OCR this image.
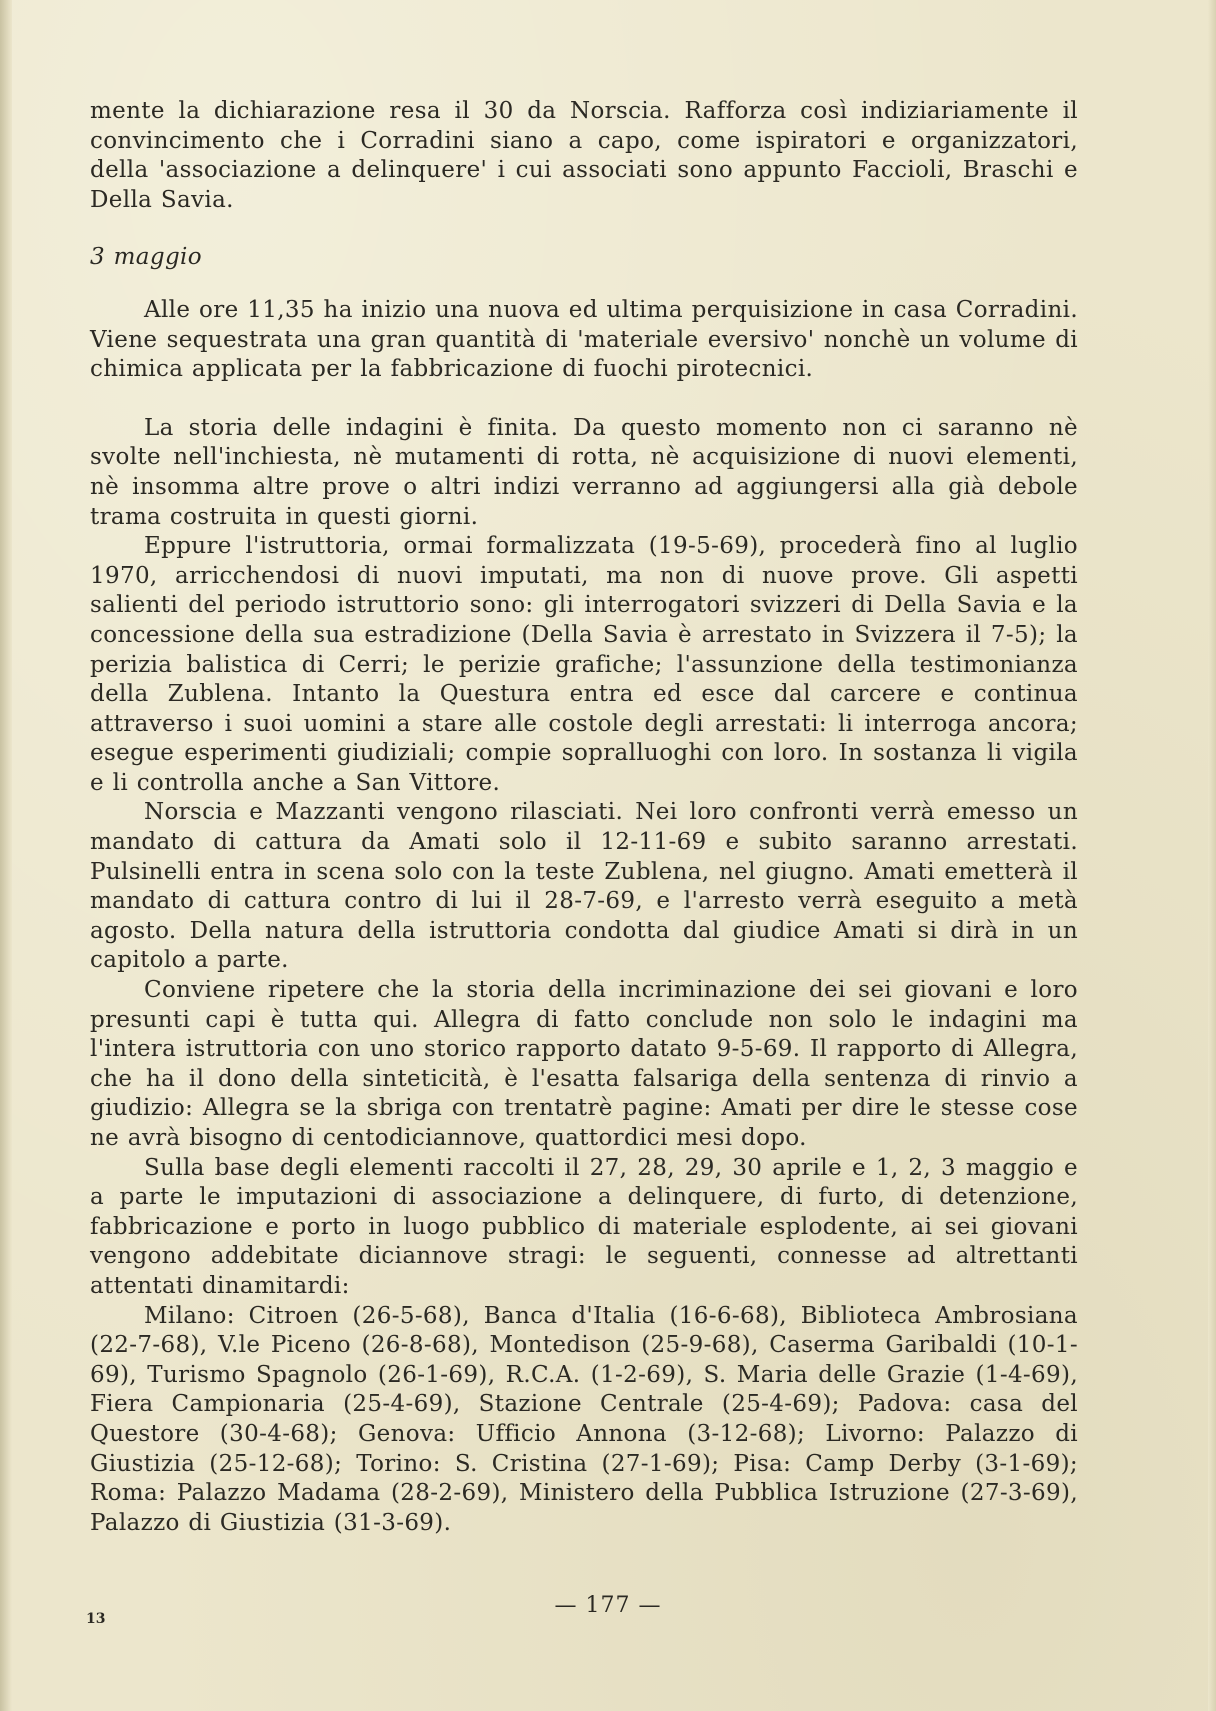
mente la dichiarazione resa il 30 da Norscia. Rafforza così indiziariamente il convincimento che i Corradini siano a capo, come ispiratori e organizzatori, della 'associazione a delinquere' i cui associati sono appunto Faccioli, Braschi e Della Savia.

3 maggio

Alle ore 11,35 ha inizio una nuova ed ultima perquisizione in casa Corradini. Viene sequestrata una gran quantità di 'materiale eversivo' nonchè un volume di chimica applicata per la fabbricazione di fuochi pirotecnici.

La storia delle indagini è finita. Da questo momento non ci saranno nè svolte nell'inchiesta, nè mutamenti di rotta, nè acquisizione di nuovi elementi, nè insomma altre prove o altri indizi verranno ad aggiungersi alla già debole trama costruita in questi giorni.

Eppure l'istruttoria, ormai formalizzata (19-5-69), procederà fino al luglio 1970, arricchendosi di nuovi imputati, ma non di nuove prove. Gli aspetti salienti del periodo istruttorio sono: gli interrogatori svizzeri di Della Savia e la concessione della sua estradizione (Della Savia è arrestato in Svizzera il 7-5); la perizia balistica di Cerri; le perizie grafiche; l'assunzione della testimonianza della Zublena. Intanto la Questura entra ed esce dal carcere e continua attraverso i suoi uomini a stare alle costole degli arrestati: li interroga ancora; esegue esperimenti giudiziali; compie sopralluoghi con loro. In sostanza li vigila e li controlla anche a San Vittore.

Norscia e Mazzanti vengono rilasciati. Nei loro confronti verrà emesso un mandato di cattura da Amati solo il 12-11-69 e subito saranno arrestati. Pulsinelli entra in scena solo con la teste Zublena, nel giugno. Amati emetterà il mandato di cattura contro di lui il 28-7-69, e l'arresto verrà eseguito a metà agosto. Della natura della istruttoria condotta dal giudice Amati si dirà in un capitolo a parte.

Conviene ripetere che la storia della incriminazione dei sei giovani e loro presunti capi è tutta qui. Allegra di fatto conclude non solo le indagini ma l'intera istruttoria con uno storico rapporto datato 9-5-69. Il rapporto di Allegra, che ha il dono della sinteticità, è l'esatta falsariga della sentenza di rinvio a giudizio: Allegra se la sbriga con trentatrè pagine: Amati per dire le stesse cose ne avrà bisogno di centodiciannove, quattordici mesi dopo.

Sulla base degli elementi raccolti il 27, 28, 29, 30 aprile e 1, 2, 3 maggio e a parte le imputazioni di associazione a delinquere, di furto, di detenzione, fabbricazione e porto in luogo pubblico di materiale esplodente, ai sei giovani vengono addebitate diciannove stragi: le seguenti, connesse ad altrettanti attentati dinamitardi:

Milano: Citroen (26-5-68), Banca d'Italia (16-6-68), Biblioteca Ambrosiana (22-7-68), V.le Piceno (26-8-68), Montedison (25-9-68), Caserma Garibaldi (10-1-69), Turismo Spagnolo (26-1-69), R.C.A. (1-2-69), S. Maria delle Grazie (1-4-69), Fiera Campionaria (25-4-69), Stazione Centrale (25-4-69); Padova: casa del Questore (30-4-68); Genova: Ufficio Annona (3-12-68); Livorno: Palazzo di Giustizia (25-12-68); Torino: S. Cristina (27-1-69); Pisa: Camp Derby (3-1-69); Roma: Palazzo Madama (28-2-69), Ministero della Pubblica Istruzione (27-3-69), Palazzo di Giustizia (31-3-69).

13
— 177 —
